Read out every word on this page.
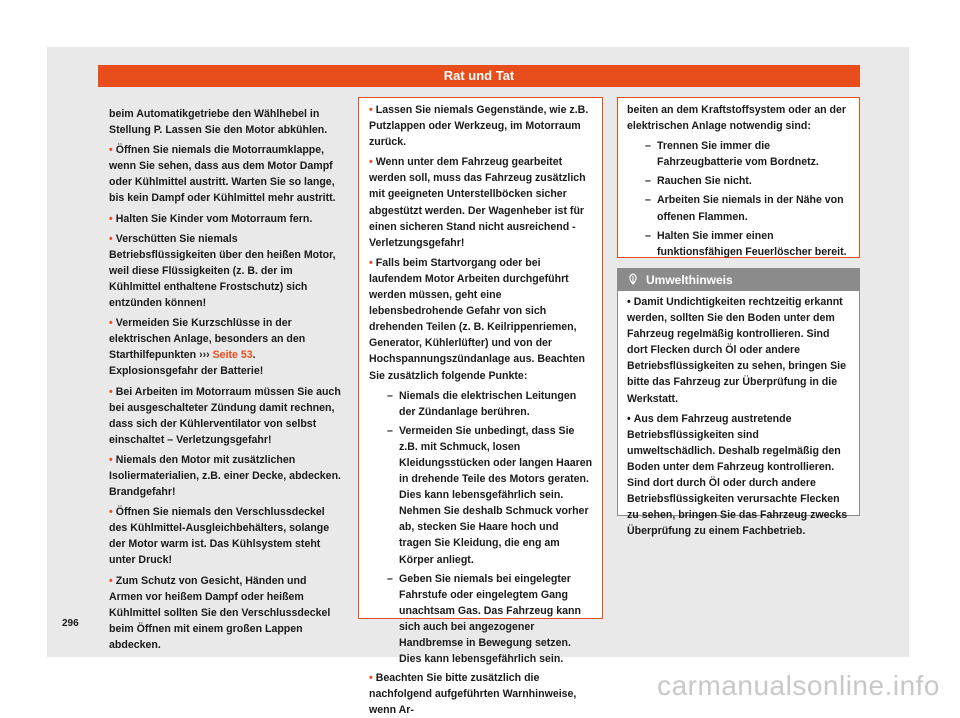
Rat und Tat

beim Automatikgetriebe den Wählhebel in Stellung P. Lassen Sie den Motor abkühlen.

• Öffnen Sie niemals die Motorraumklappe, wenn Sie sehen, dass aus dem Motor Dampf oder Kühlmittel austritt. Warten Sie so lange, bis kein Dampf oder Kühlmittel mehr austritt.

• Halten Sie Kinder vom Motorraum fern.

• Verschütten Sie niemals Betriebsflüssigkeiten über den heißen Motor, weil diese Flüssigkeiten (z. B. der im Kühlmittel enthaltene Frostschutz) sich entzünden können!

• Vermeiden Sie Kurzschlüsse in der elektrischen Anlage, besonders an den Starthilfepunkten ››› Seite 53. Explosionsgefahr der Batterie!

• Bei Arbeiten im Motorraum müssen Sie auch bei ausgeschalteter Zündung damit rechnen, dass sich der Kühlerventilator von selbst einschaltet – Verletzungsgefahr!

• Niemals den Motor mit zusätzlichen Isoliermaterialien, z.B. einer Decke, abdecken. Brandgefahr!

• Öffnen Sie niemals den Verschlussdeckel des Kühlmittel-Ausgleichbehälters, solange der Motor warm ist. Das Kühlsystem steht unter Druck!

• Zum Schutz von Gesicht, Händen und Armen vor heißem Dampf oder heißem Kühlmittel sollten Sie den Verschlussdeckel beim Öffnen mit einem großen Lappen abdecken.

• Lassen Sie niemals Gegenstände, wie z.B. Putzlappen oder Werkzeug, im Motorraum zurück.

• Wenn unter dem Fahrzeug gearbeitet werden soll, muss das Fahrzeug zusätzlich mit geeigneten Unterstellböcken sicher abgestützt werden. Der Wagenheber ist für einen sicheren Stand nicht ausreichend - Verletzungsgefahr!

• Falls beim Startvorgang oder bei laufendem Motor Arbeiten durchgeführt werden müssen, geht eine lebensbedrohende Gefahr von sich drehenden Teilen (z. B. Keilrippenriemen, Generator, Kühlerlüfter) und von der Hochspannungszündanlage aus. Beachten Sie zusätzlich folgende Punkte:

– Niemals die elektrischen Leitungen der Zündanlage berühren.
– Vermeiden Sie unbedingt, dass Sie z.B. mit Schmuck, losen Kleidungsstücken oder langen Haaren in drehende Teile des Motors geraten. Dies kann lebensgefährlich sein. Nehmen Sie deshalb Schmuck vorher ab, stecken Sie Haare hoch und tragen Sie Kleidung, die eng am Körper anliegt.
– Geben Sie niemals bei eingelegter Fahrstufe oder eingelegtem Gang unachtsam Gas. Das Fahrzeug kann sich auch bei angezogener Handbremse in Bewegung setzen. Dies kann lebensgefährlich sein.

• Beachten Sie bitte zusätzlich die nachfolgend aufgeführten Warnhinweise, wenn Ar-

beiten an dem Kraftstoffsystem oder an der elektrischen Anlage notwendig sind:

– Trennen Sie immer die Fahrzeugbatterie vom Bordnetz.
– Rauchen Sie nicht.
– Arbeiten Sie niemals in der Nähe von offenen Flammen.
– Halten Sie immer einen funktionsfähigen Feuerlöscher bereit.
Umwelthinweis

• Damit Undichtigkeiten rechtzeitig erkannt werden, sollten Sie den Boden unter dem Fahrzeug regelmäßig kontrollieren. Sind dort Flecken durch Öl oder andere Betriebsflüssigkeiten zu sehen, bringen Sie bitte das Fahrzeug zur Überprüfung in die Werkstatt.

• Aus dem Fahrzeug austretende Betriebsflüssigkeiten sind umweltschädlich. Deshalb regelmäßig den Boden unter dem Fahrzeug kontrollieren. Sind dort durch Öl oder durch andere Betriebsflüssigkeiten verursachte Flecken zu sehen, bringen Sie das Fahrzeug zwecks Überprüfung zu einem Fachbetrieb.

296
carmanualsonline.info
